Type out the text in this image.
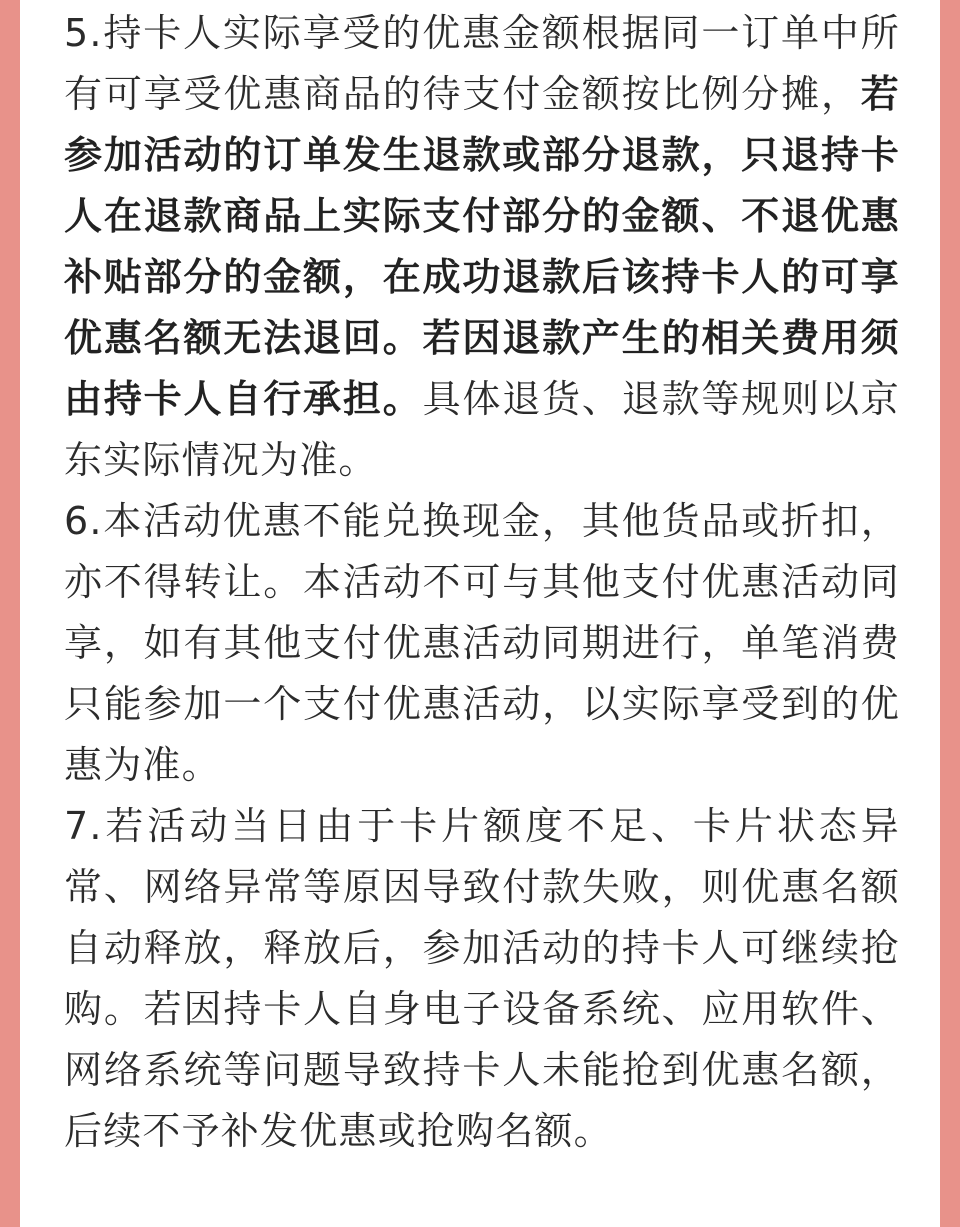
5.持卡人实际享受的优惠金额根据同一订单中所有可享受优惠商品的待支付金额按比例分摊，若参加活动的订单发生退款或部分退款，只退持卡人在退款商品上实际支付部分的金额、不退优惠补贴部分的金额，在成功退款后该持卡人的可享优惠名额无法退回。若因退款产生的相关费用须由持卡人自行承担。具体退货、退款等规则以京东实际情况为准。

6.本活动优惠不能兑换现金，其他货品或折扣，亦不得转让。本活动不可与其他支付优惠活动同享，如有其他支付优惠活动同期进行，单笔消费只能参加一个支付优惠活动，以实际享受到的优惠为准。

7.若活动当日由于卡片额度不足、卡片状态异常、网络异常等原因导致付款失败，则优惠名额自动释放，释放后，参加活动的持卡人可继续抢购。若因持卡人自身电子设备系统、应用软件、网络系统等问题导致持卡人未能抢到优惠名额，后续不予补发优惠或抢购名额。
